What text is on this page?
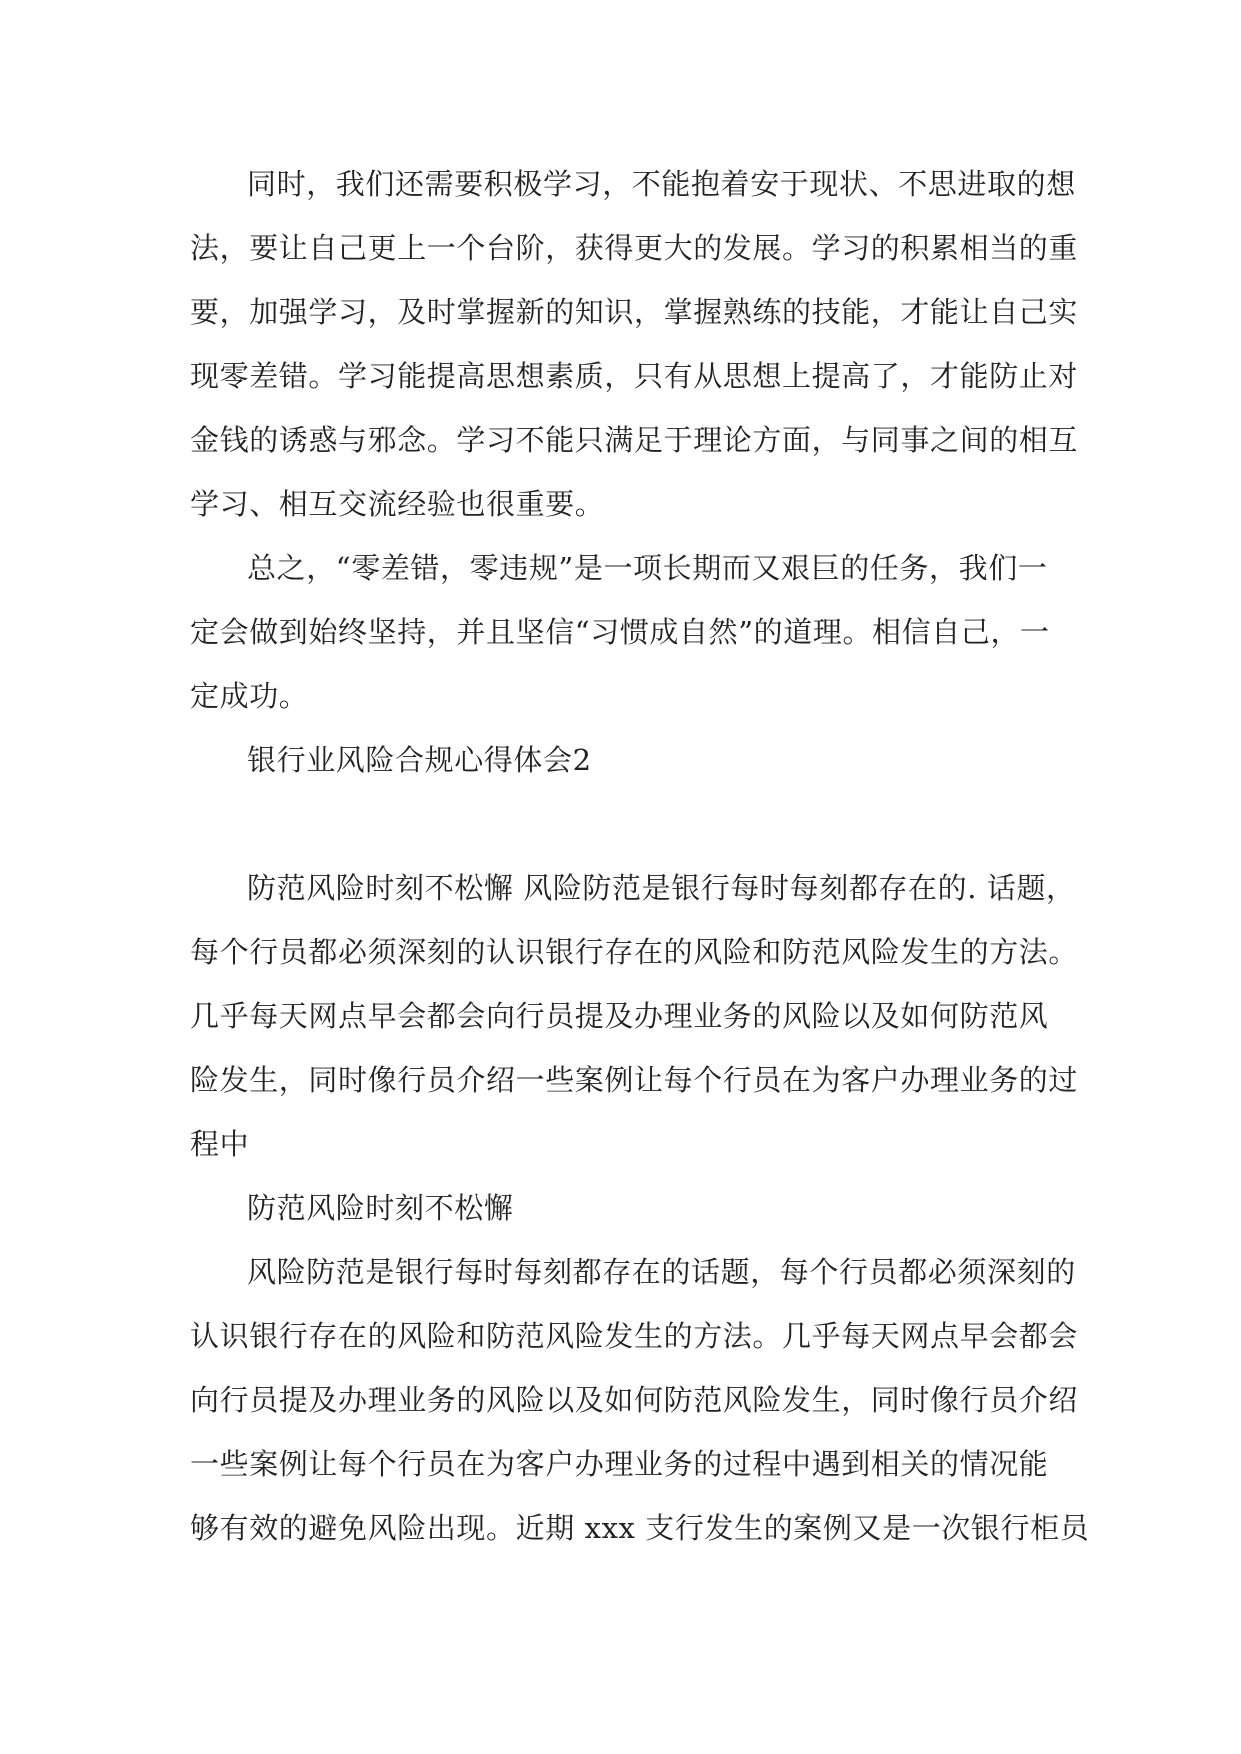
同时，我们还需要积极学习，不能抱着安于现状、不思进取的想
法，要让自己更上一个台阶，获得更大的发展。学习的积累相当的重
要，加强学习，及时掌握新的知识，掌握熟练的技能，才能让自己实
现零差错。学习能提高思想素质，只有从思想上提高了，才能防止对
金钱的诱惑与邪念。学习不能只满足于理论方面，与同事之间的相互
学习、相互交流经验也很重要。
总之，“零差错，零违规”是一项长期而又艰巨的任务，我们一
定会做到始终坚持，并且坚信“习惯成自然”的道理。相信自己，一
定成功。
银行业风险合规心得体会2
防范风险时刻不松懈 风险防范是银行每时每刻都存在的. 话题，
每个行员都必须深刻的认识银行存在的风险和防范风险发生的方法。
几乎每天网点早会都会向行员提及办理业务的风险以及如何防范风
险发生，同时像行员介绍一些案例让每个行员在为客户办理业务的过
程中
防范风险时刻不松懈
风险防范是银行每时每刻都存在的话题，每个行员都必须深刻的
认识银行存在的风险和防范风险发生的方法。几乎每天网点早会都会
向行员提及办理业务的风险以及如何防范风险发生，同时像行员介绍
一些案例让每个行员在为客户办理业务的过程中遇到相关的情况能
够有效的避免风险出现。近期 xxx 支行发生的案例又是一次银行柜员
